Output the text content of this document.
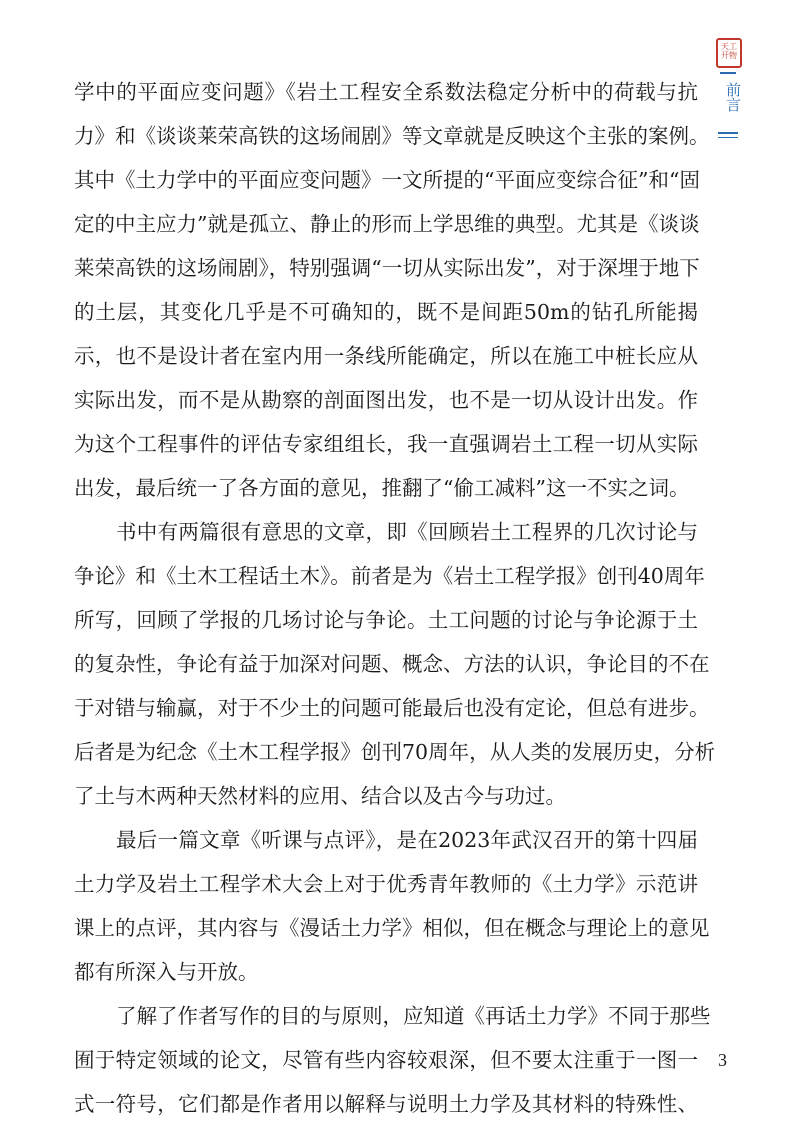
天工开物
前言
学中的平面应变问题》《岩土工程安全系数法稳定分析中的荷载与抗
力》和《谈谈莱荣高铁的这场闹剧》等文章就是反映这个主张的案例。
其中《土力学中的平面应变问题》一文所提的“平面应变综合征”和“固
定的中主应力”就是孤立、静止的形而上学思维的典型。尤其是《谈谈
莱荣高铁的这场闹剧》，特别强调“一切从实际出发”，对于深埋于地下
的土层，其变化几乎是不可确知的，既不是间距50m的钻孔所能揭
示，也不是设计者在室内用一条线所能确定，所以在施工中桩长应从
实际出发，而不是从勘察的剖面图出发，也不是一切从设计出发。作
为这个工程事件的评估专家组组长，我一直强调岩土工程一切从实际
出发，最后统一了各方面的意见，推翻了“偷工减料”这一不实之词。
书中有两篇很有意思的文章，即《回顾岩土工程界的几次讨论与
争论》和《土木工程话土木》。前者是为《岩土工程学报》创刊40周年
所写，回顾了学报的几场讨论与争论。土工问题的讨论与争论源于土
的复杂性，争论有益于加深对问题、概念、方法的认识，争论目的不在
于对错与输赢，对于不少土的问题可能最后也没有定论，但总有进步。
后者是为纪念《土木工程学报》创刊70周年，从人类的发展历史，分析
了土与木两种天然材料的应用、结合以及古今与功过。
最后一篇文章《听课与点评》，是在2023年武汉召开的第十四届
土力学及岩土工程学术大会上对于优秀青年教师的《土力学》示范讲
课上的点评，其内容与《漫话土力学》相似，但在概念与理论上的意见
都有所深入与开放。
了解了作者写作的目的与原则，应知道《再话土力学》不同于那些
囿于特定领域的论文，尽管有些内容较艰深，但不要太注重于一图一
式一符号，它们都是作者用以解释与说明土力学及其材料的特殊性、
3
